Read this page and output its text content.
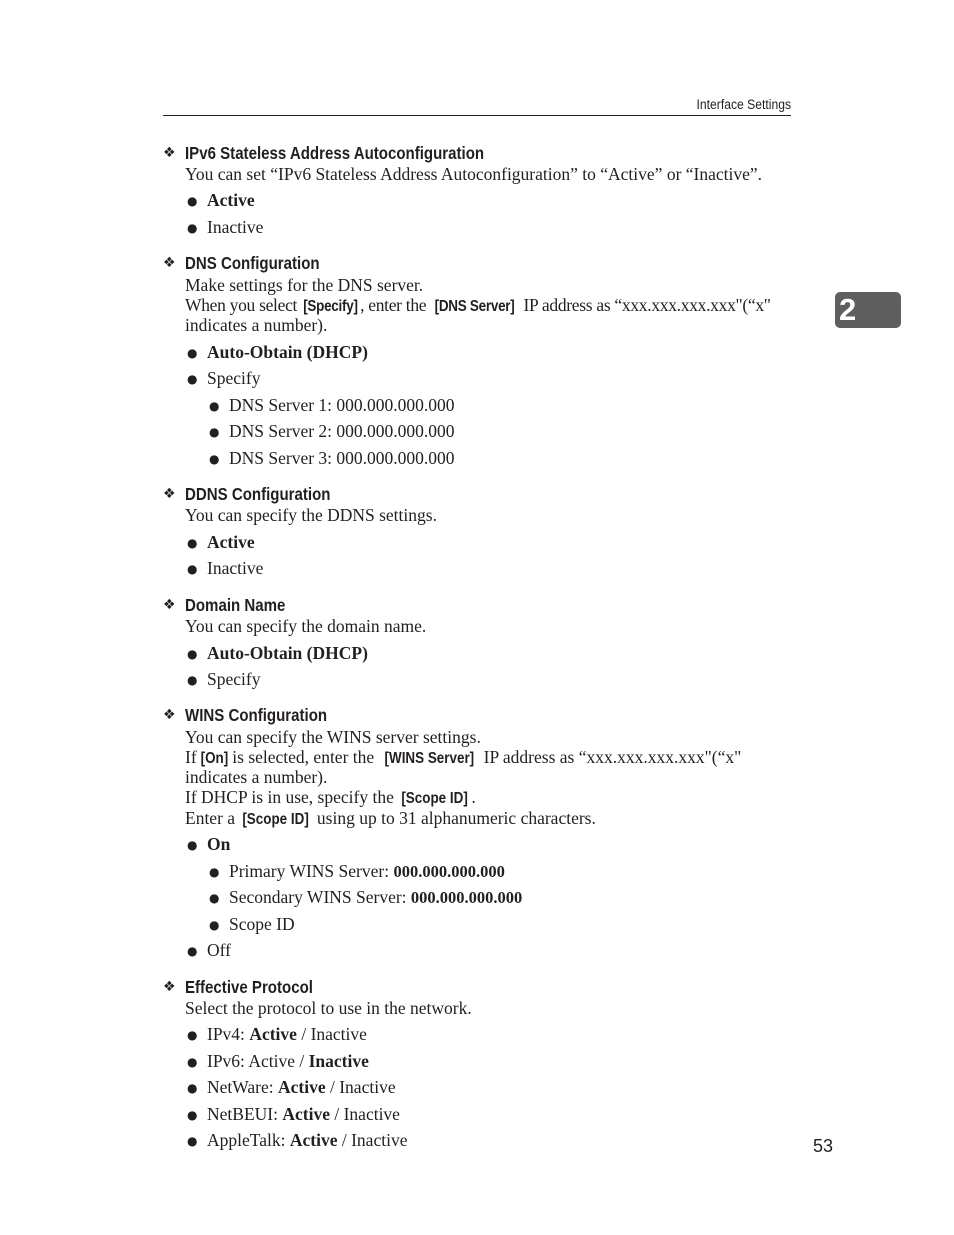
Interface Settings
2
❖ IPv6 Stateless Address Autoconfiguration
You can set “IPv6 Stateless Address Autoconfiguration” to “Active” or “Inactive”.
● Active
● Inactive
❖ DNS Configuration
Make settings for the DNS server.
When you select [Specify] , enter the [DNS Server] IP address as “xxx.xxx.xxx.xxx"(“x"
indicates a number).
● Auto-Obtain (DHCP)
● Specify
● DNS Server 1: 000.000.000.000
● DNS Server 2: 000.000.000.000
● DNS Server 3: 000.000.000.000
❖ DDNS Configuration
You can specify the DDNS settings.
● Active
● Inactive
❖ Domain Name
You can specify the domain name.
● Auto-Obtain (DHCP)
● Specify
❖ WINS Configuration
You can specify the WINS server settings.
If [On] is selected, enter the [WINS Server] IP address as “xxx.xxx.xxx.xxx"(“x"
indicates a number).
If DHCP is in use, specify the [Scope ID] .
Enter a [Scope ID] using up to 31 alphanumeric characters.
● On
● Primary WINS Server: 000.000.000.000
● Secondary WINS Server: 000.000.000.000
● Scope ID
● Off
❖ Effective Protocol
Select the protocol to use in the network.
● IPv4: Active / Inactive
● IPv6: Active / Inactive
● NetWare: Active / Inactive
● NetBEUI: Active / Inactive
● AppleTalk: Active / Inactive	53
